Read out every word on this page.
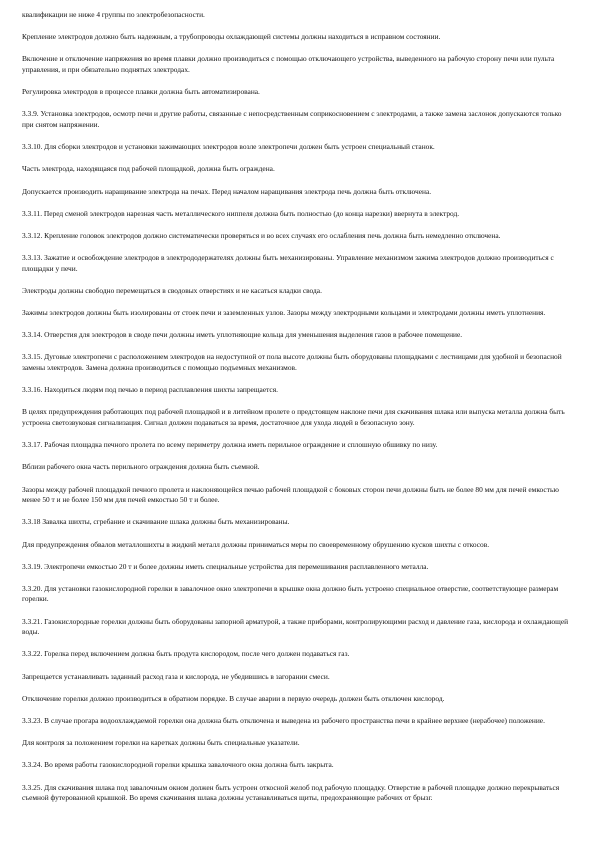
квалификации не ниже 4 группы по электробезопасности.

Крепление электродов должно быть надежным, а трубопроводы охлаждающей системы должны находиться в исправном состоянии.

Включение и отключение напряжения во время плавки должно производиться с помощью отключающего устройства, выведенного на рабочую сторону печи или пульта управления, и при обязательно поднятых электродах.

Регулировка электродов в процессе плавки должна быть автоматизирована.

3.3.9. Установка электродов, осмотр печи и другие работы, связанные с непосредственным соприкосновением с электродами, а также замена заслонок допускаются только при снятом напряжении.

3.3.10. Для сборки электродов и установки зажимающих электродов возле электропечи должен быть устроен специальный станок.

Часть электрода, находящаяся под рабочей площадкой, должна быть ограждена.

Допускается производить наращивание электрода на печах. Перед началом наращивания электрода печь должна быть отключена.

3.3.11. Перед сменой электродов нарезная часть металлического ниппеля должна быть полностью (до конца нарезки) ввернута в электрод.

3.3.12. Крепление головок электродов должно систематически проверяться и во всех случаях его ослабления печь должна быть немедленно отключена.

3.3.13. Зажатие и освобождение электродов в электрододержателях должны быть механизированы. Управление механизмом зажима электродов должно производиться с площадки у печи.

Электроды должны свободно перемещаться в сводовых отверстиях и не касаться кладки свода.

Зажимы электродов должны быть изолированы от стоек печи и заземленных узлов. Зазоры между электродными кольцами и электродами должны иметь уплотнения.

3.3.14. Отверстия для электродов в своде печи должны иметь уплотняющие кольца для уменьшения выделения газов в рабочее помещение.

3.3.15. Дуговые электропечи с расположением электродов на недоступной от пола высоте должны быть оборудованы площадками с лестницами для удобной и безопасной замены электродов. Замена должна производиться с помощью подъемных механизмов.

3.3.16. Находиться людям под печью в период расплавления шихты запрещается.

В целях предупреждения работающих под рабочей площадкой и в литейном пролете о предстоящем наклоне печи для скачивания шлака или выпуска металла должна быть устроена светозвуковая сигнализация. Сигнал должен подаваться за время, достаточное для ухода людей в безопасную зону.

3.3.17. Рабочая площадка печного пролета по всему периметру должна иметь перильное ограждение и сплошную обшивку по низу.

Вблизи рабочего окна часть перильного ограждения должна быть съемной.

Зазоры между рабочей площадкой печного пролета и наклоняющейся печью рабочей площадкой с боковых сторон печи должны быть не более 80 мм для печей емкостью менее 50 т и не более 150 мм для печей емкостью 50 т и более.

3.3.18 Завалка шихты, сгребание и скачивание шлака должны быть механизированы.

Для предупреждения обвалов металлошихты в жидкий металл должны приниматься меры по своевременному обрушению кусков шихты с откосов.

3.3.19. Электропечи емкостью 20 т и более должны иметь специальные устройства для перемешивания расплавленного металла.

3.3.20. Для установки газокислородной горелки в завалочное окно электропечи в крышке окна должно быть устроено специальное отверстие, соответствующее размерам горелки.

3.3.21. Газокислородные горелки должны быть оборудованы запорной арматурой, а также приборами, контролирующими расход и давление газа, кислорода и охлаждающей воды.

3.3.22. Горелка перед включением должна быть продута кислородом, после чего должен подаваться газ.

Запрещается устанавливать заданный расход газа и кислорода, не убедившись в загорании смеси.

Отключение горелки должно производиться в обратном порядке. В случае аварии в первую очередь должен быть отключен кислород.

3.3.23. В случае прогара водоохлаждаемой горелки она должна быть отключена и выведена из рабочего пространства печи в крайнее верхнее (нерабочее) положение.

Для контроля за положением горелки на каретках должны быть специальные указатели.

3.3.24. Во время работы газокислородной горелки крышка завалочного окна должна быть закрыта.

3.3.25. Для скачивания шлака под завалочным окном должен быть устроен откосной желоб под рабочую площадку. Отверстие в рабочей площадке должно перекрываться съемной футерованной крышкой. Во время скачивания шлака должны устанавливаться щиты, предохраняющие рабочих от брызг.
